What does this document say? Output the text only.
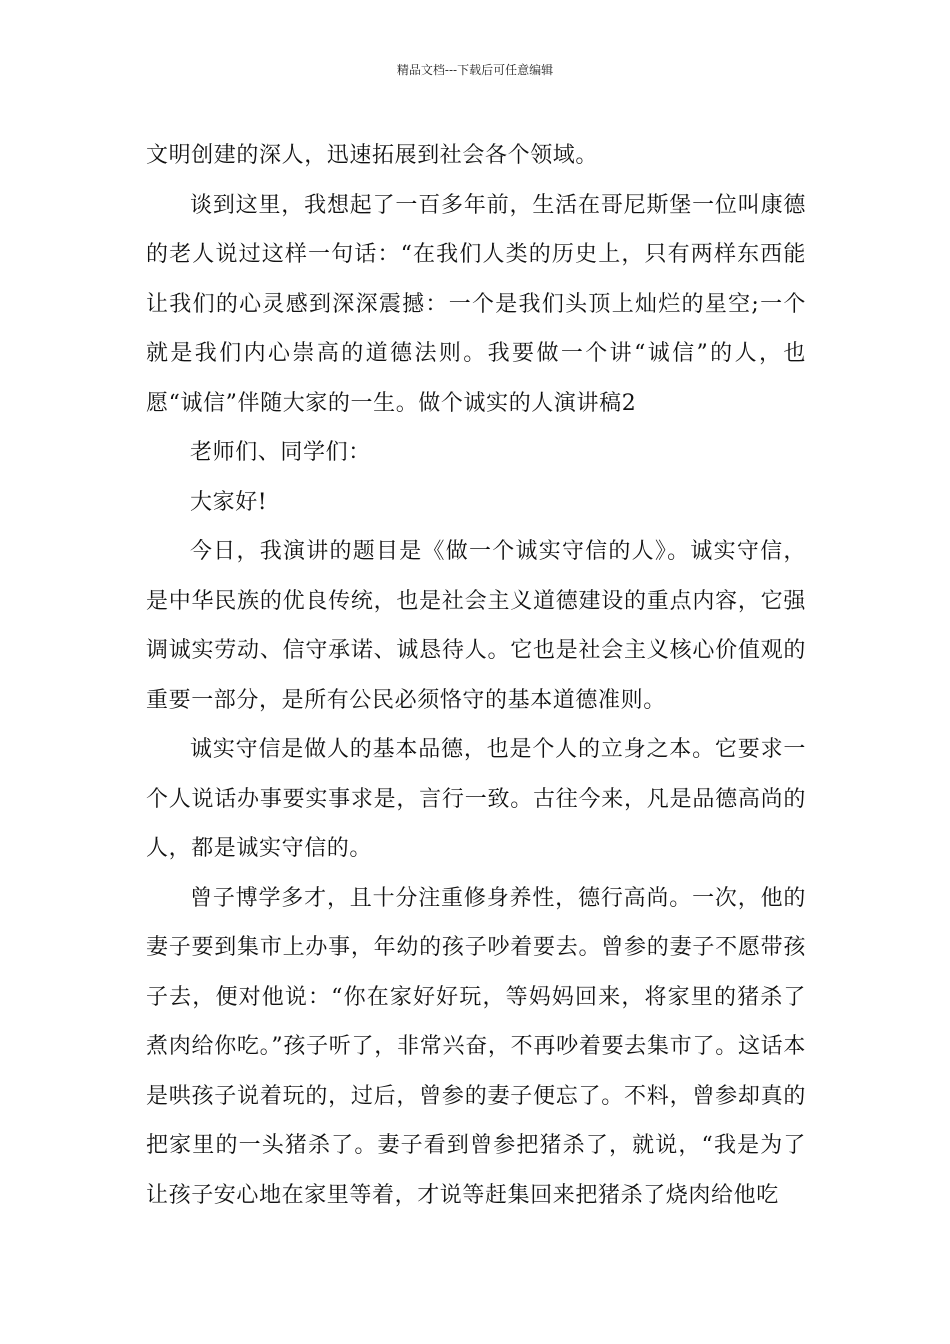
精品文档---下载后可任意编辑

文明创建的深人，迅速拓展到社会各个领域。

谈到这里，我想起了一百多年前，生活在哥尼斯堡一位叫康德的老人说过这样一句话：“在我们人类的历史上，只有两样东西能让我们的心灵感到深深震撼：一个是我们头顶上灿烂的星空;一个就是我们内心崇高的道德法则。我要做一个讲“诚信”的人，也愿“诚信”伴随大家的一生。做个诚实的人演讲稿2

老师们、同学们：

大家好!

今日，我演讲的题目是《做一个诚实守信的人》。诚实守信，是中华民族的优良传统，也是社会主义道德建设的重点内容，它强调诚实劳动、信守承诺、诚恳待人。它也是社会主义核心价值观的重要一部分，是所有公民必须恪守的基本道德准则。

诚实守信是做人的基本品德，也是个人的立身之本。它要求一个人说话办事要实事求是，言行一致。古往今来，凡是品德高尚的人，都是诚实守信的。

曾子博学多才，且十分注重修身养性，德行高尚。一次，他的妻子要到集市上办事，年幼的孩子吵着要去。曾参的妻子不愿带孩子去，便对他说：“你在家好好玩，等妈妈回来，将家里的猪杀了煮肉给你吃。”孩子听了，非常兴奋，不再吵着要去集市了。这话本是哄孩子说着玩的，过后，曾参的妻子便忘了。不料，曾参却真的把家里的一头猪杀了。妻子看到曾参把猪杀了，就说，“我是为了让孩子安心地在家里等着，才说等赶集回来把猪杀了烧肉给他吃
